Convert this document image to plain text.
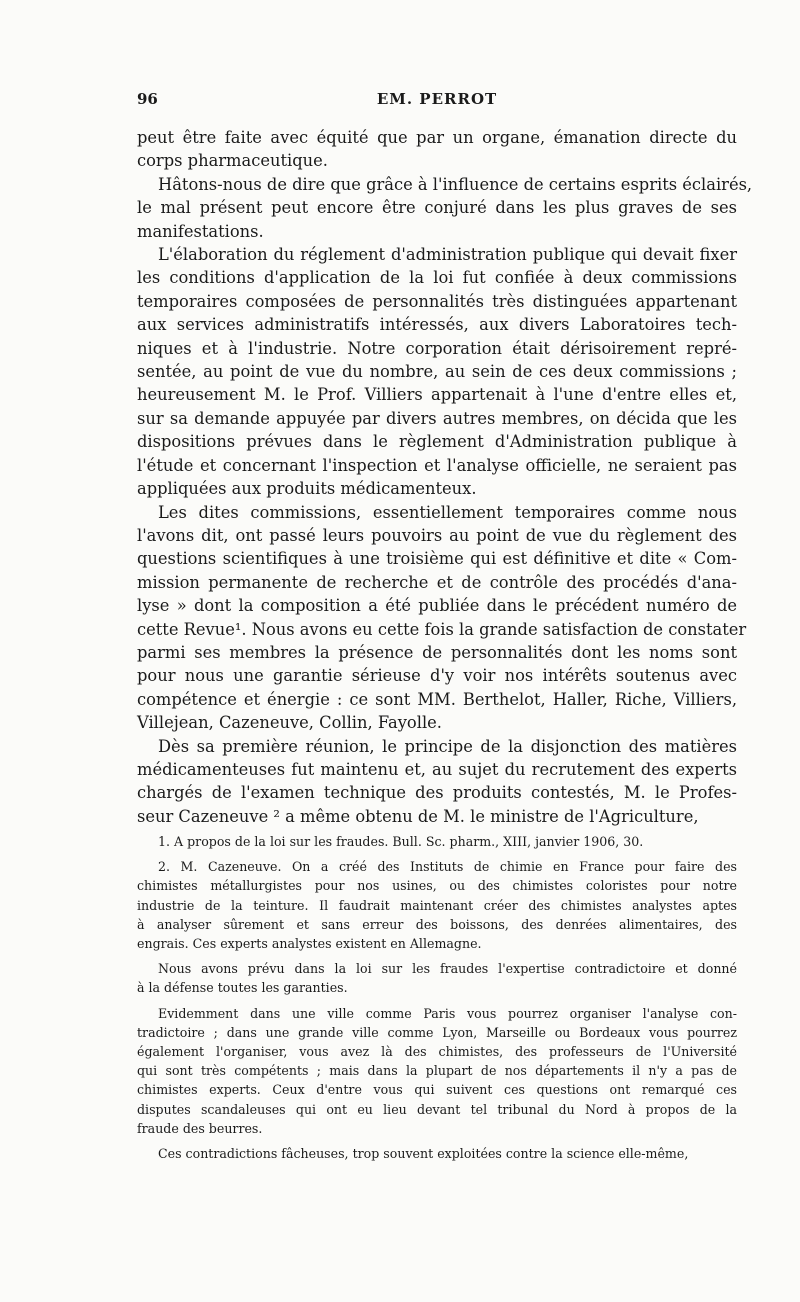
96	EM. PERROT
peut être faite avec équité que par un organe, émanation directe du
corps pharmaceutique.
Hâtons-nous de dire que grâce à l'influence de certains esprits éclairés,
le mal présent peut encore être conjuré dans les plus graves de ses
manifestations.
L'élaboration du réglement d'administration publique qui devait fixer
les conditions d'application de la loi fut confiée à deux commissions
temporaires composées de personnalités très distinguées appartenant
aux services administratifs intéressés, aux divers Laboratoires tech-
niques et à l'industrie. Notre corporation était dérisoirement repré-
sentée, au point de vue du nombre, au sein de ces deux commissions ;
heureusement M. le Prof. Villiers appartenait à l'une d'entre elles et,
sur sa demande appuyée par divers autres membres, on décida que les
dispositions prévues dans le règlement d'Administration publique à
l'étude et concernant l'inspection et l'analyse officielle, ne seraient pas
appliquées aux produits médicamenteux.
Les dites commissions, essentiellement temporaires comme nous
l'avons dit, ont passé leurs pouvoirs au point de vue du règlement des
questions scientifiques à une troisième qui est définitive et dite « Com-
mission permanente de recherche et de contrôle des procédés d'ana-
lyse » dont la composition a été publiée dans le précédent numéro de
cette Revue¹. Nous avons eu cette fois la grande satisfaction de constater
parmi ses membres la présence de personnalités dont les noms sont
pour nous une garantie sérieuse d'y voir nos intérêts soutenus avec
compétence et énergie : ce sont MM. Berthelot, Haller, Riche, Villiers,
Villejean, Cazeneuve, Collin, Fayolle.
Dès sa première réunion, le principe de la disjonction des matières
médicamenteuses fut maintenu et, au sujet du recrutement des experts
chargés de l'examen technique des produits contestés, M. le Profes-
seur Cazeneuve ² a même obtenu de M. le ministre de l'Agriculture,
1. A propos de la loi sur les fraudes. Bull. Sc. pharm., XIII, janvier 1906, 30.
2. M. Cazeneuve. On a créé des Instituts de chimie en France pour faire des
chimistes métallurgistes pour nos usines, ou des chimistes coloristes pour notre
industrie de la teinture. Il faudrait maintenant créer des chimistes analystes aptes
à analyser sûrement et sans erreur des boissons, des denrées alimentaires, des
engrais. Ces experts analystes existent en Allemagne.
Nous avons prévu dans la loi sur les fraudes l'expertise contradictoire et donné
à la défense toutes les garanties.
Evidemment dans une ville comme Paris vous pourrez organiser l'analyse con-
tradictoire ; dans une grande ville comme Lyon, Marseille ou Bordeaux vous pourrez
également l'organiser, vous avez là des chimistes, des professeurs de l'Université
qui sont très compétents ; mais dans la plupart de nos départements il n'y a pas de
chimistes experts. Ceux d'entre vous qui suivent ces questions ont remarqué ces
disputes scandaleuses qui ont eu lieu devant tel tribunal du Nord à propos de la
fraude des beurres.
Ces contradictions fâcheuses, trop souvent exploitées contre la science elle-même,
